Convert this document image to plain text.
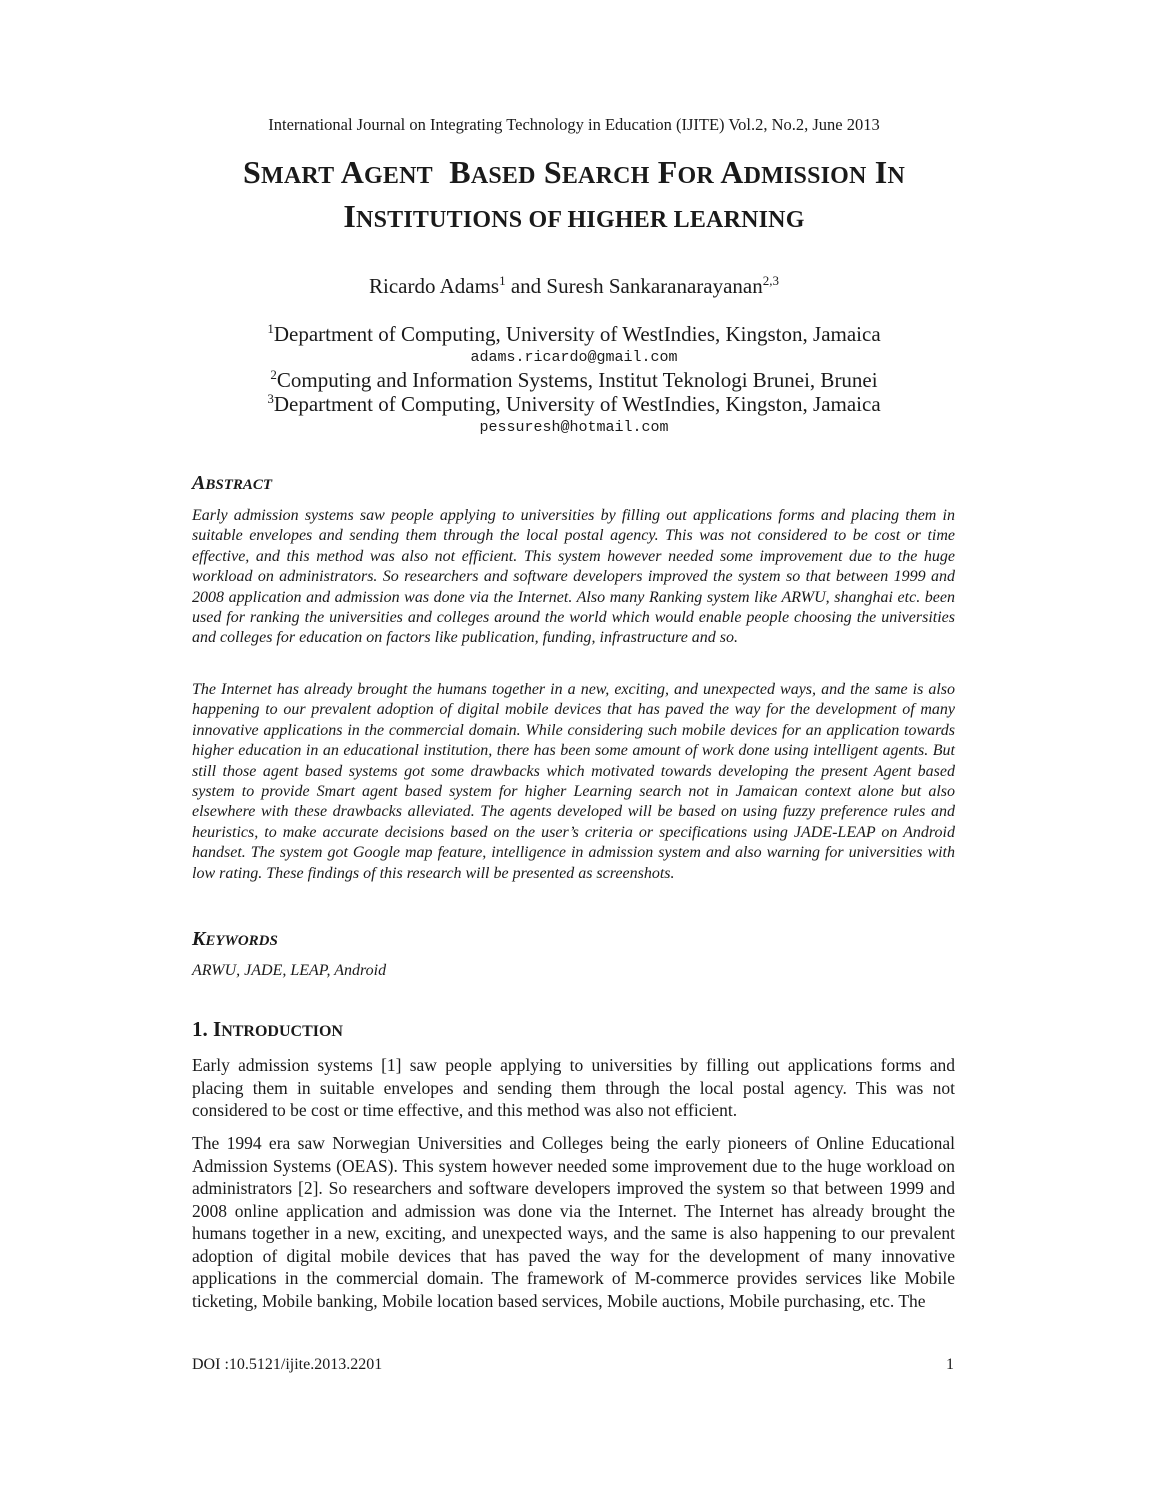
International Journal on Integrating Technology in Education (IJITE) Vol.2, No.2, June 2013
SMART AGENT BASED SEARCH FOR ADMISSION IN
INSTITUTIONS OF HIGHER LEARNING
Ricardo Adams$^1$ and Suresh Sankaranarayanan$^{2,3}$
$^1$Department of Computing, University of WestIndies, Kingston, Jamaica
adams.ricardo@gmail.com
$^2$Computing and Information Systems, Institut Teknologi Brunei, Brunei
$^3$Department of Computing, University of WestIndies, Kingston, Jamaica
pessuresh@hotmail.com
ABSTRACT

Early admission systems saw people applying to universities by filling out applications forms and placing them in suitable envelopes and sending them through the local postal agency. This was not considered to be cost or time effective, and this method was also not efficient. This system however needed some improvement due to the huge workload on administrators. So researchers and software developers improved the system so that between 1999 and 2008 application and admission was done via the Internet. Also many Ranking system like ARWU, shanghai etc. been used for ranking the universities and colleges around the world which would enable people choosing the universities and colleges for education on factors like publication, funding, infrastructure and so.

The Internet has already brought the humans together in a new, exciting, and unexpected ways, and the same is also happening to our prevalent adoption of digital mobile devices that has paved the way for the development of many innovative applications in the commercial domain. While considering such mobile devices for an application towards higher education in an educational institution, there has been some amount of work done using intelligent agents. But still those agent based systems got some drawbacks which motivated towards developing the present Agent based system to provide Smart agent based system for higher Learning search not in Jamaican context alone but also elsewhere with these drawbacks alleviated. The agents developed will be based on using fuzzy preference rules and heuristics, to make accurate decisions based on the user’s criteria or specifications using JADE-LEAP on Android handset. The system got Google map feature, intelligence in admission system and also warning for universities with low rating. These findings of this research will be presented as screenshots.

KEYWORDS
ARWU, JADE, LEAP, Android
1. INTRODUCTION

Early admission systems [1] saw people applying to universities by filling out applications forms and placing them in suitable envelopes and sending them through the local postal agency. This was not considered to be cost or time effective, and this method was also not efficient.

The 1994 era saw Norwegian Universities and Colleges being the early pioneers of Online Educational Admission Systems (OEAS). This system however needed some improvement due to the huge workload on administrators [2]. So researchers and software developers improved the system so that between 1999 and 2008 online application and admission was done via the Internet. The Internet has already brought the humans together in a new, exciting, and unexpected ways, and the same is also happening to our prevalent adoption of digital mobile devices that has paved the way for the development of many innovative applications in the commercial domain. The framework of M-commerce provides services like Mobile ticketing, Mobile banking, Mobile location based services, Mobile auctions, Mobile purchasing, etc. The

DOI :10.5121/ijite.2013.2201	1
